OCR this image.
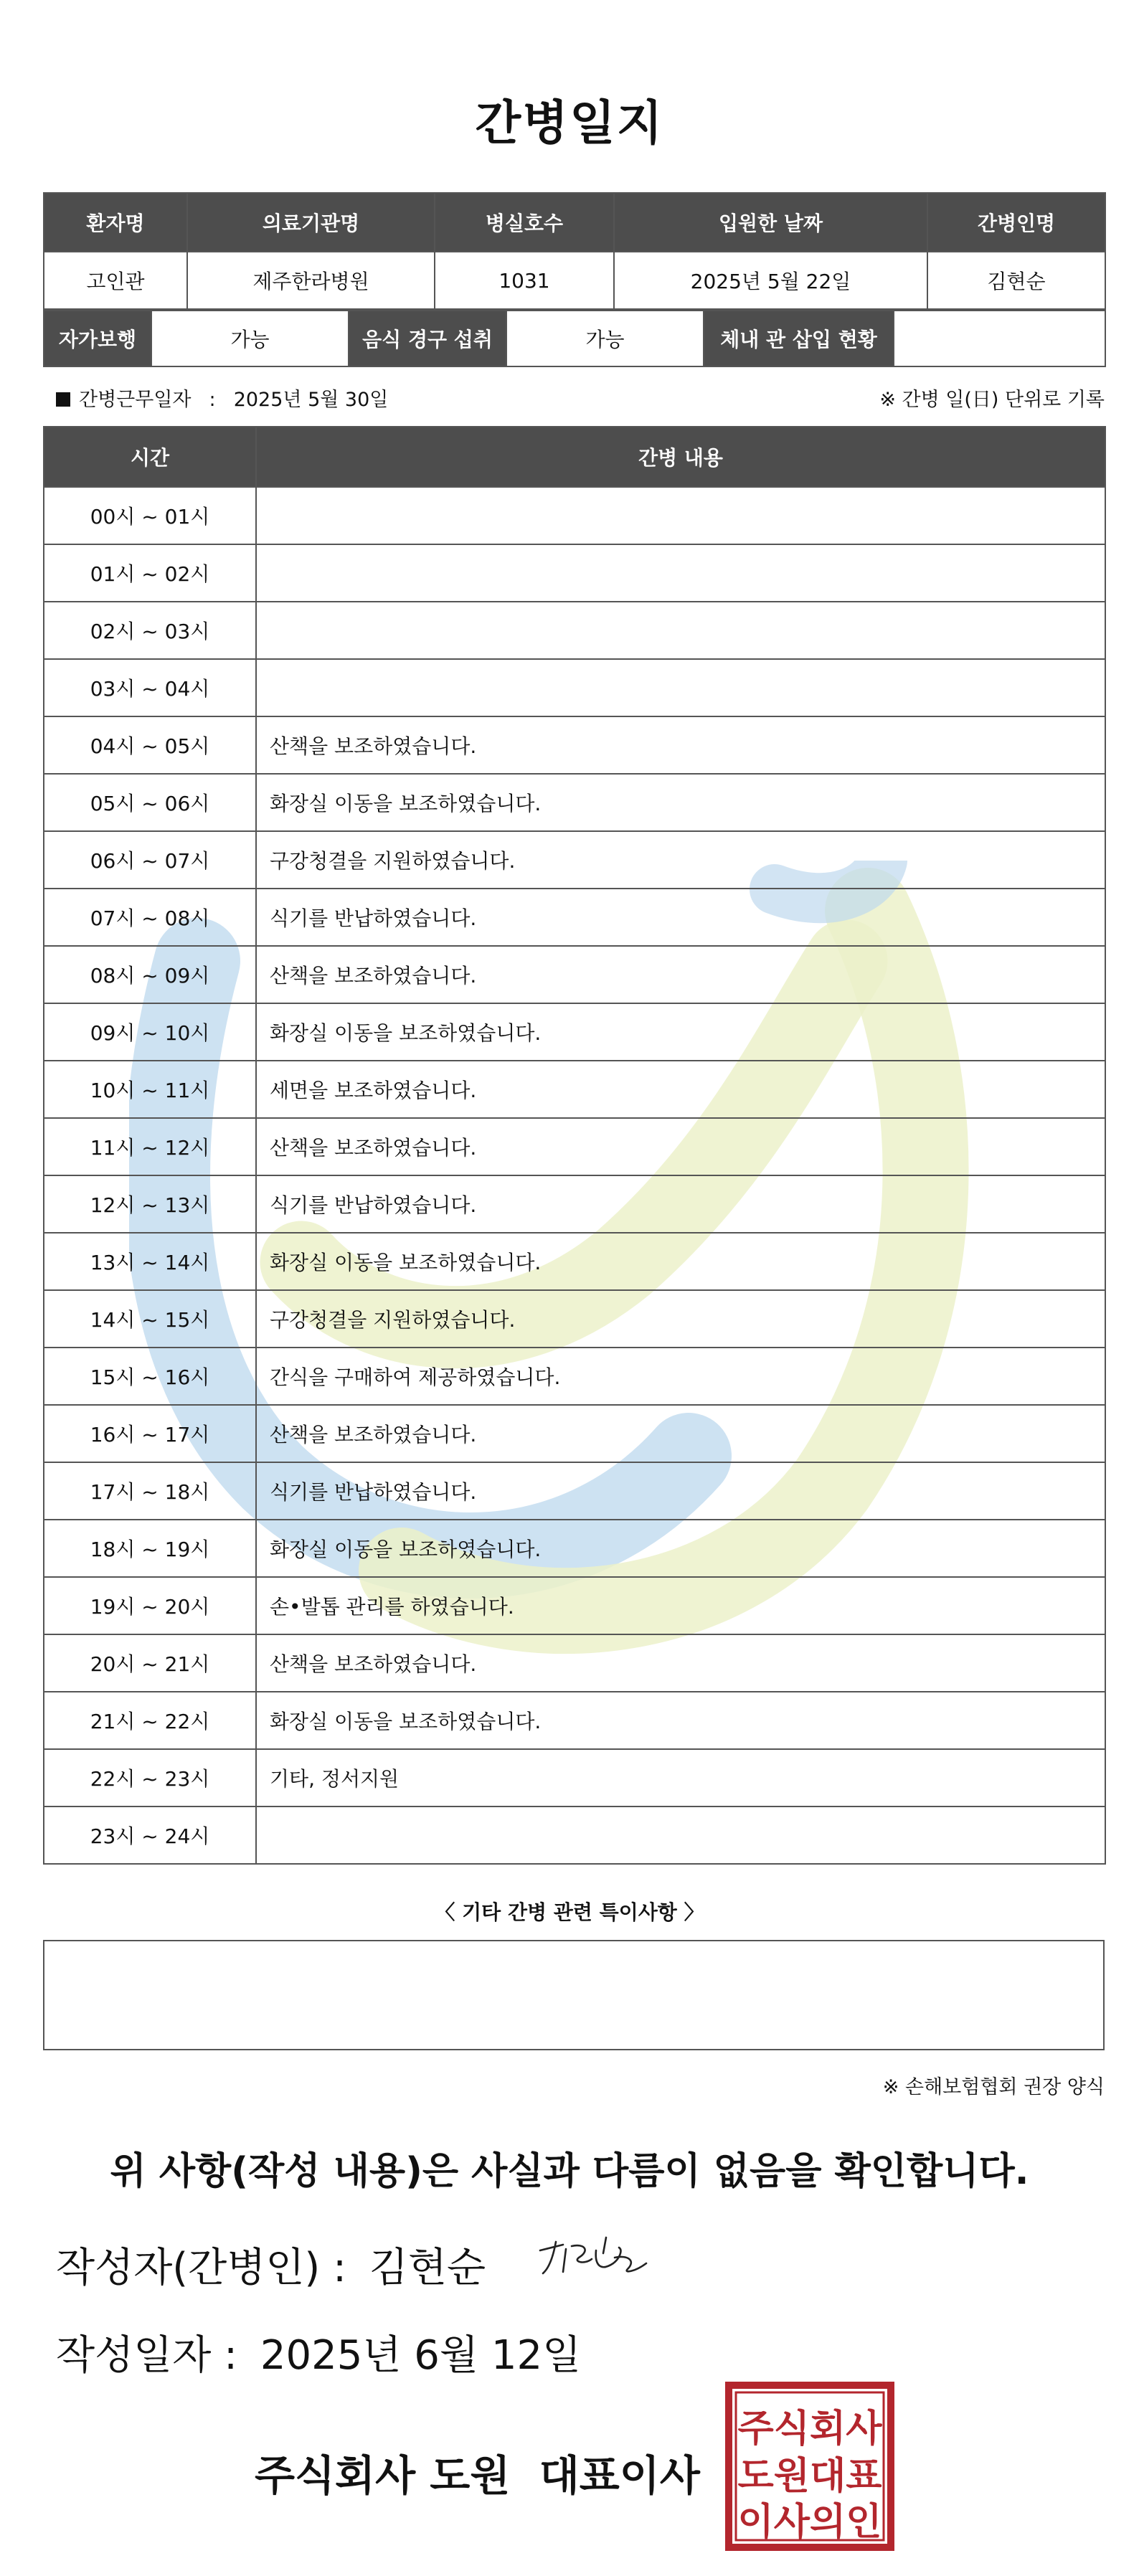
간병일지
환자명	의료기관명	병실호수	입원한 날짜	간병인명
고인관	제주한라병원	1031	2025년 5월 22일	김현순
자가보행	가능	음식 경구 섭취	가능	체내 관 삽입 현황	
간병근무일자 : 2025년 5월 30일	※ 간병 일(日) 단위로 기록
시간	간병 내용
00시 ~ 01시	
01시 ~ 02시	
02시 ~ 03시	
03시 ~ 04시	
04시 ~ 05시	산책을 보조하였습니다.
05시 ~ 06시	화장실 이동을 보조하였습니다.
06시 ~ 07시	구강청결을 지원하였습니다.
07시 ~ 08시	식기를 반납하였습니다.
08시 ~ 09시	산책을 보조하였습니다.
09시 ~ 10시	화장실 이동을 보조하였습니다.
10시 ~ 11시	세면을 보조하였습니다.
11시 ~ 12시	산책을 보조하였습니다.
12시 ~ 13시	식기를 반납하였습니다.
13시 ~ 14시	화장실 이동을 보조하였습니다.
14시 ~ 15시	구강청결을 지원하였습니다.
15시 ~ 16시	간식을 구매하여 제공하였습니다.
16시 ~ 17시	산책을 보조하였습니다.
17시 ~ 18시	식기를 반납하였습니다.
18시 ~ 19시	화장실 이동을 보조하였습니다.
19시 ~ 20시	손•발톱 관리를 하였습니다.
20시 ~ 21시	산책을 보조하였습니다.
21시 ~ 22시	화장실 이동을 보조하였습니다.
22시 ~ 23시	기타, 정서지원
23시 ~ 24시	
〈 기타 간병 관련 특이사항 〉
※ 손해보험협회 권장 양식
위 사항(작성 내용)은 사실과 다름이 없음을 확인합니다.
작성자(간병인) : 김현순
작성일자 : 2025년 6월 12일
주식회사 도원  대표이사
주식회사
도원대표
이사의인
